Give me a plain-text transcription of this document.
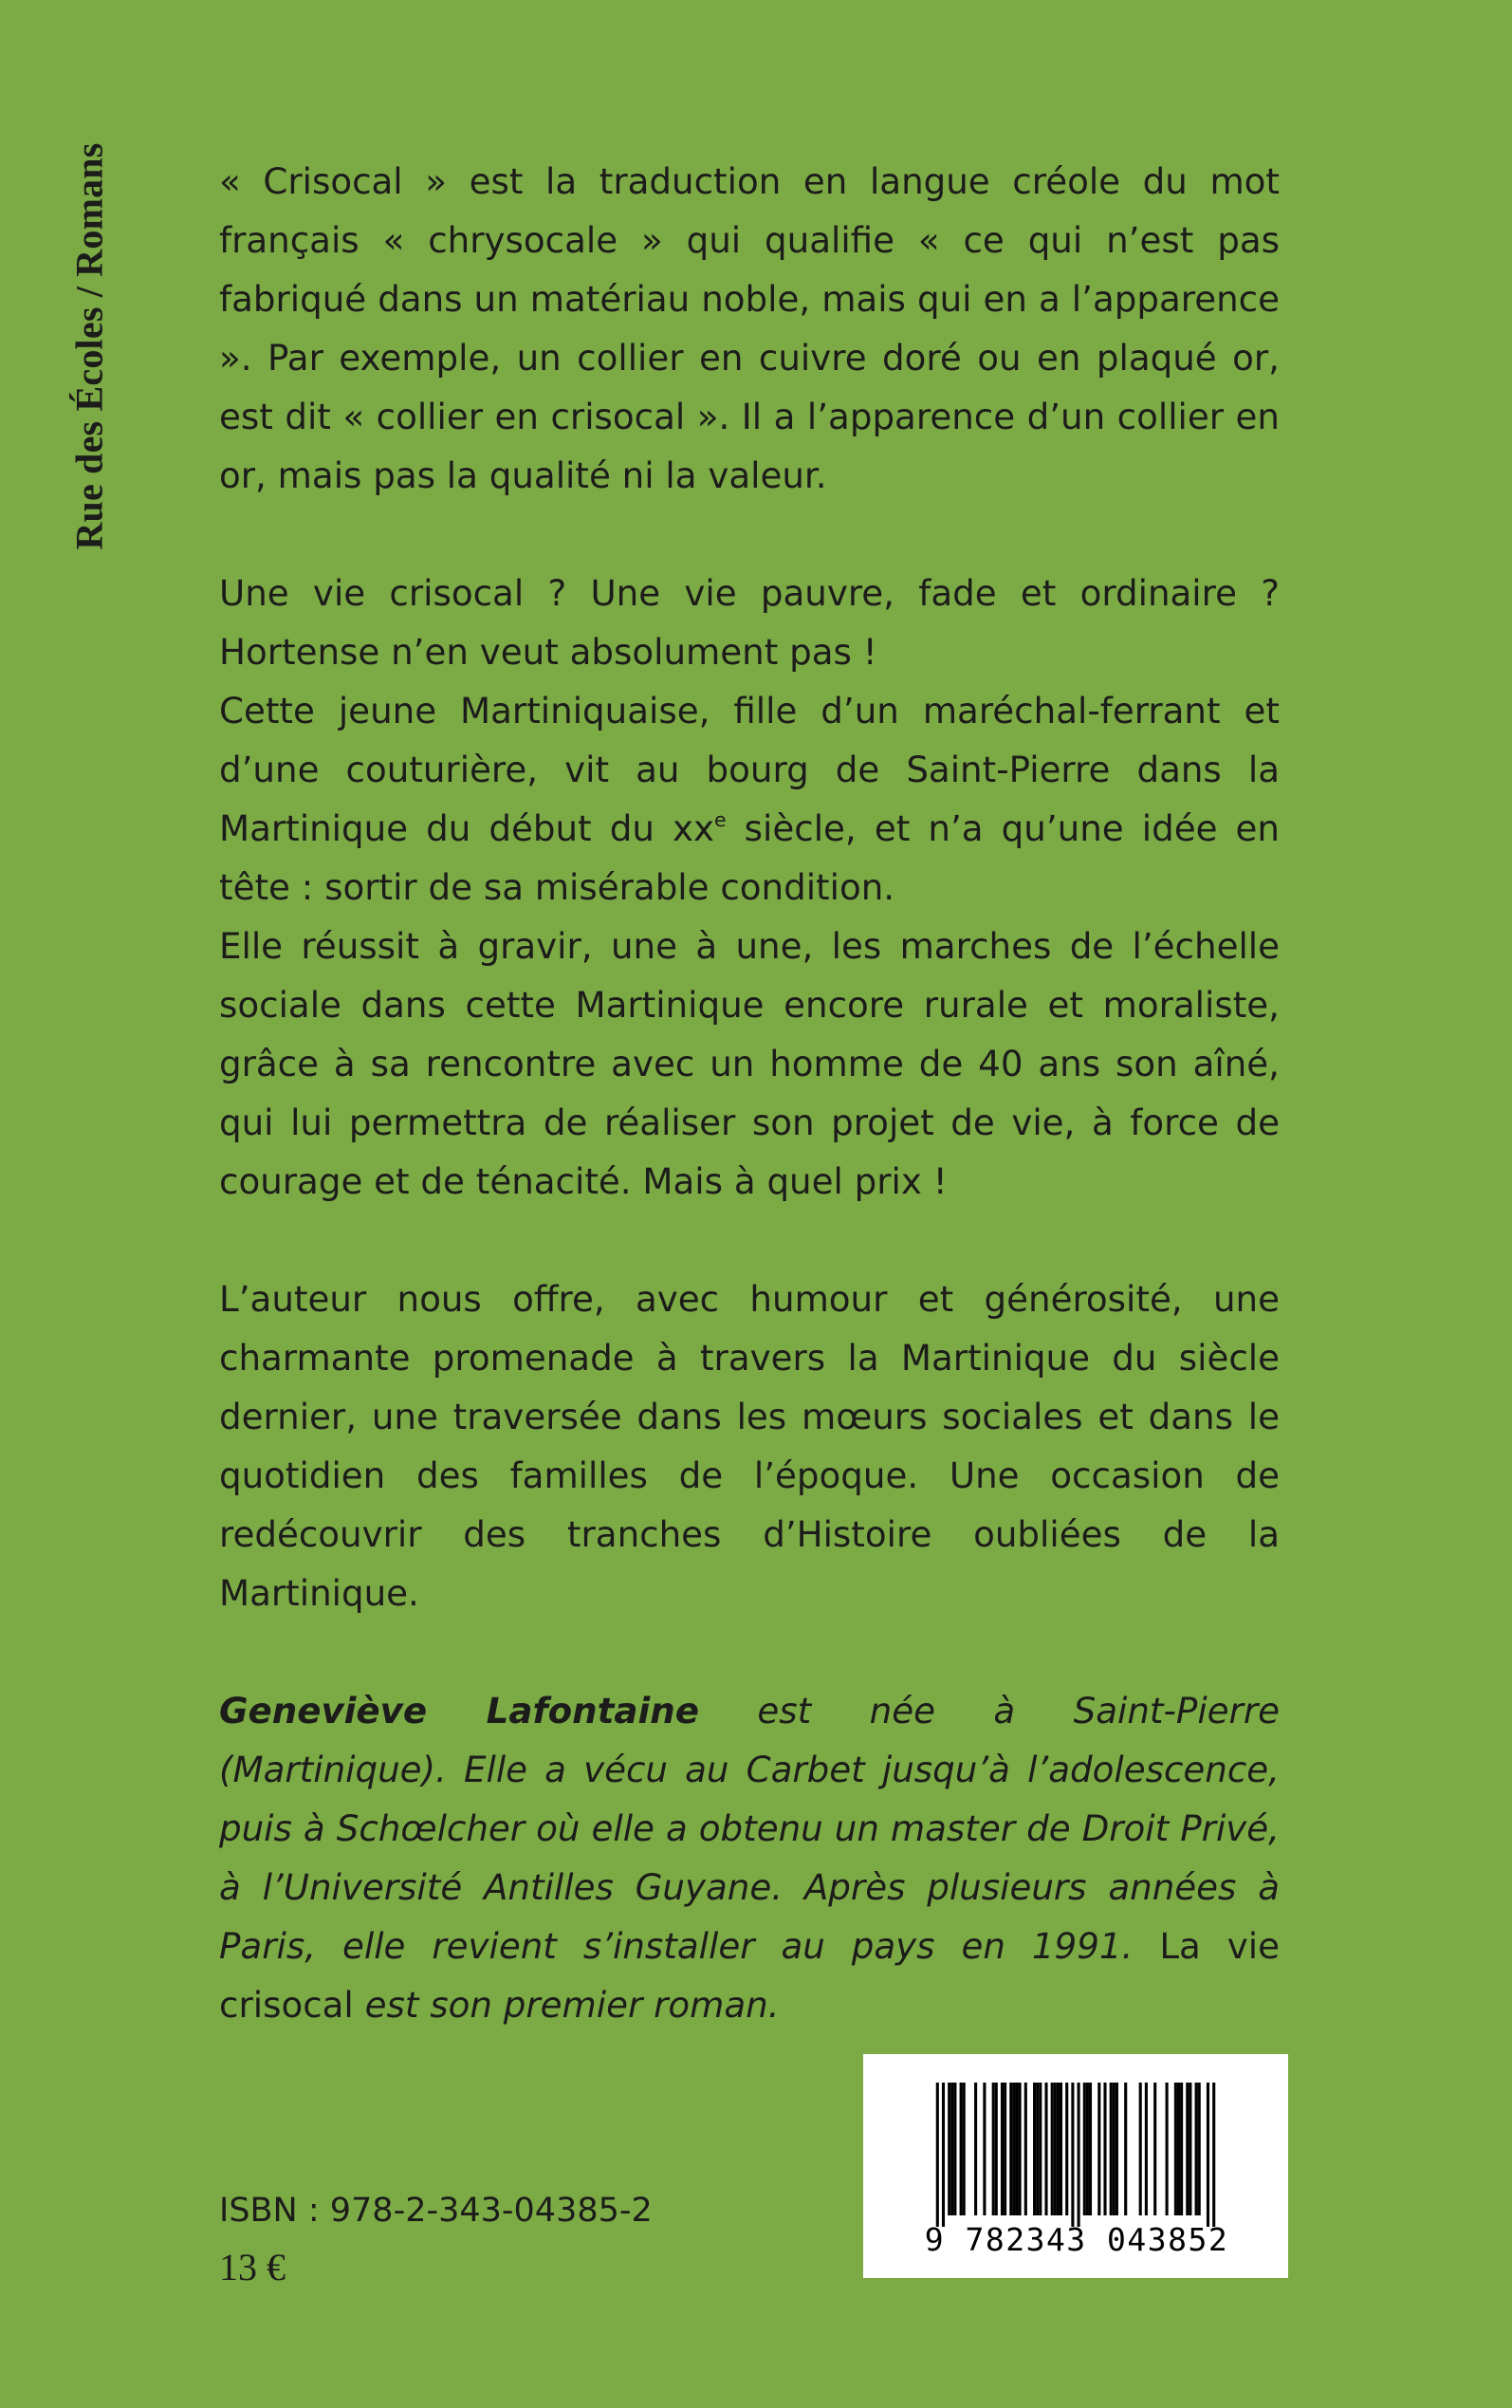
Rue des Écoles / Romans	« Crisocal » est la traduction en langue créole du mot français « chrysocale » qui qualifie « ce qui n’est pas fabriqué dans un matériau noble, mais qui en a l’apparence ». Par exemple, un collier en cuivre doré ou en plaqué or, est dit « collier en crisocal ». Il a l’apparence d’un collier en or, mais pas la qualité ni la valeur.

Une vie crisocal ? Une vie pauvre, fade et ordinaire ? Hortense n’en veut absolument pas !

Cette jeune Martiniquaise, fille d’un maréchal-ferrant et d’une couturière, vit au bourg de Saint-Pierre dans la Martinique du début du $xx^e$ siècle, et n’a qu’une idée en tête : sortir de sa misérable condition.

Elle réussit à gravir, une à une, les marches de l’échelle sociale dans cette Martinique encore rurale et moraliste, grâce à sa rencontre avec un homme de 40 ans son aîné, qui lui permettra de réaliser son projet de vie, à force de courage et de ténacité. Mais à quel prix !

L’auteur nous offre, avec humour et générosité, une charmante promenade à travers la Martinique du siècle dernier, une traversée dans les mœurs sociales et dans le quotidien des familles de l’époque. Une occasion de redécouvrir des tranches d’Histoire oubliées de la Martinique.

Geneviève Lafontaine est née à Saint-Pierre (Martinique). Elle a vécu au Carbet jusqu’à l’adolescence, puis à Schœlcher où elle a obtenu un master de Droit Privé, à l’Université Antilles Guyane. Après plusieurs années à Paris, elle revient s’installer au pays en 1991. La vie crisocal est son premier roman.

ISBN : 978-2-343-04385-2
13 €
9 782343 043852
